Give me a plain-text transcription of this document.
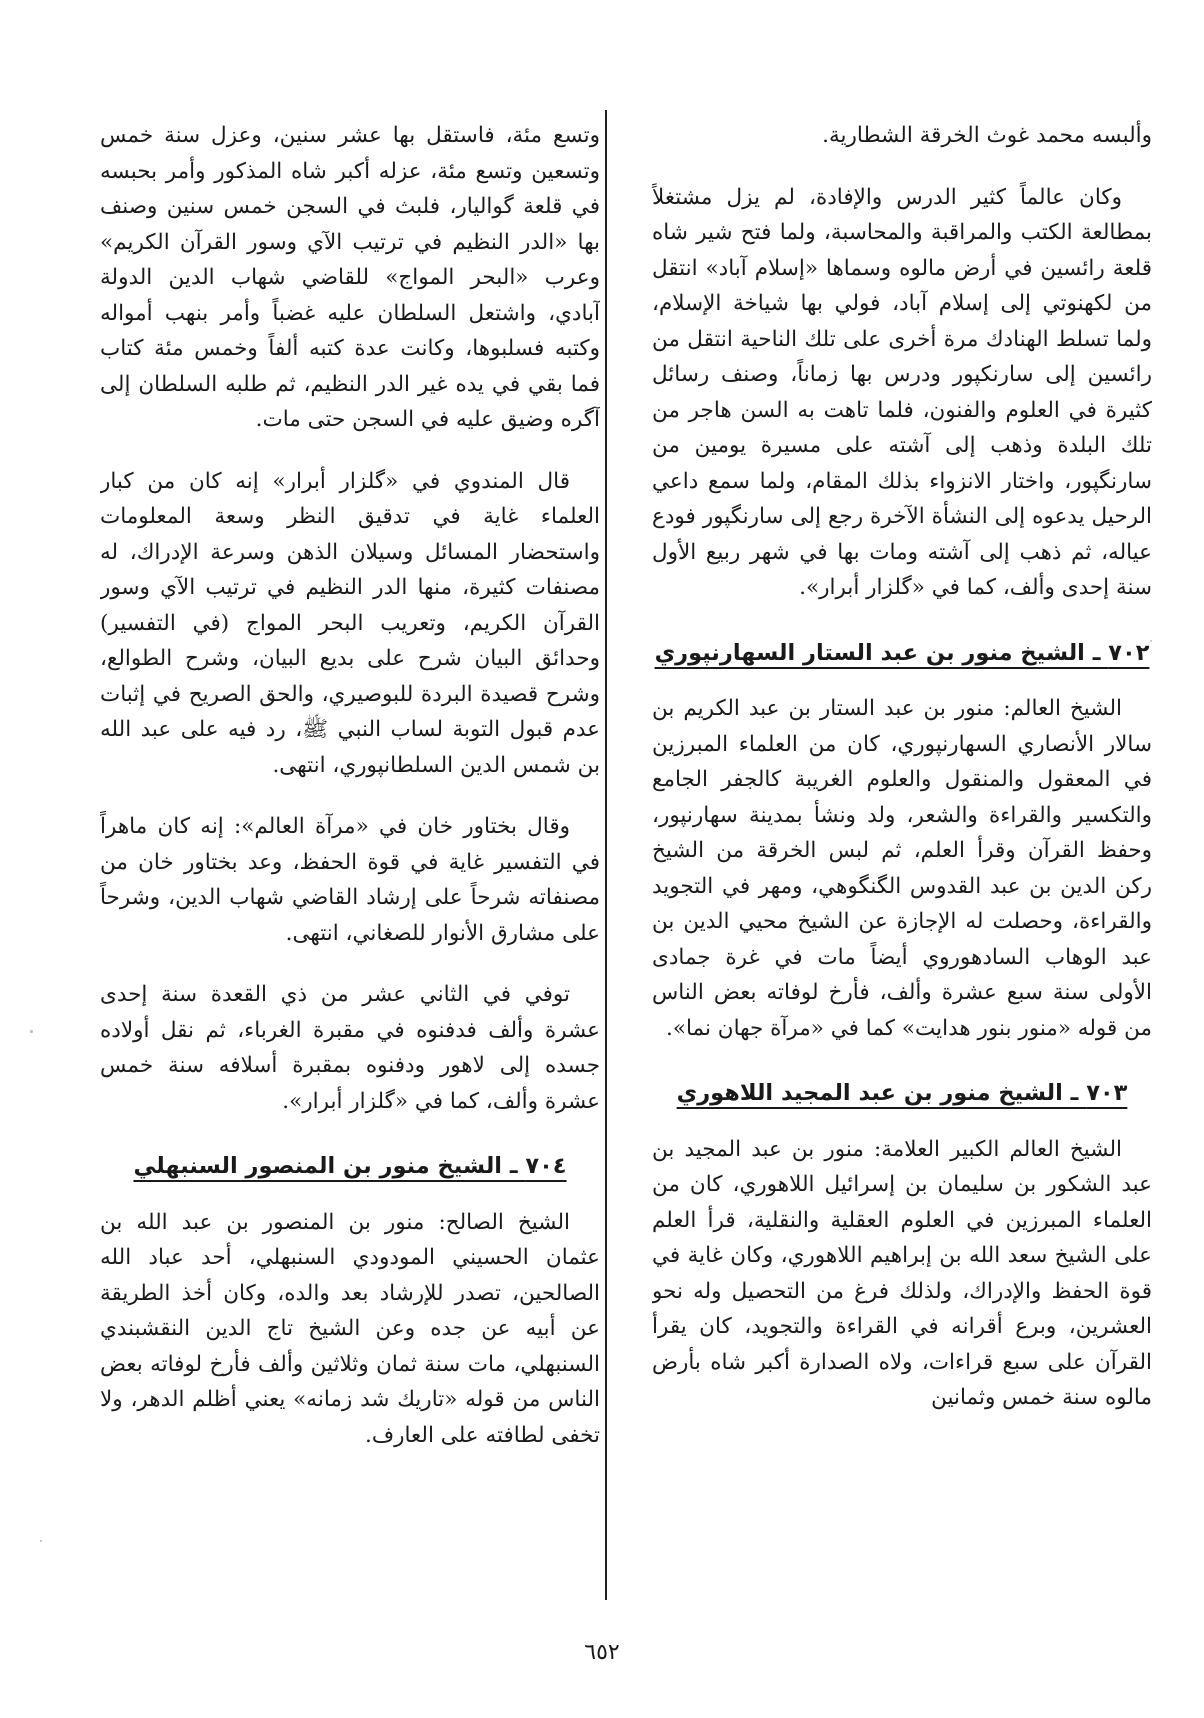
وألبسه محمد غوث الخرقة الشطارية.

وكان عالماً كثير الدرس والإفادة، لم يزل مشتغلاً بمطالعة الكتب والمراقبة والمحاسبة، ولما فتح شير شاه قلعة رائسين في أرض مالوه وسماها «إسلام آباد» انتقل من لكهنوتي إلى إسلام آباد، فولي بها شياخة الإسلام، ولما تسلط الهنادك مرة أخرى على تلك الناحية انتقل من رائسين إلى سارنكپور ودرس بها زماناً، وصنف رسائل كثيرة في العلوم والفنون، فلما تاهت به السن هاجر من تلك البلدة وذهب إلى آشته على مسيرة يومين من سارنگپور، واختار الانزواء بذلك المقام، ولما سمع داعي الرحيل يدعوه إلى النشأة الآخرة رجع إلى سارنگپور فودع عياله، ثم ذهب إلى آشته ومات بها في شهر ربيع الأول سنة إحدى وألف، كما في «گلزار أبرار».

٧٠٢ ـ الشيخ منور بن عبد الستار السهارنپوري

الشيخ العالم: منور بن عبد الستار بن عبد الكريم بن سالار الأنصاري السهارنپوري، كان من العلماء المبرزين في المعقول والمنقول والعلوم الغريبة كالجفر الجامع والتكسير والقراءة والشعر، ولد ونشأ بمدينة سهارنپور، وحفظ القرآن وقرأ العلم، ثم لبس الخرقة من الشيخ ركن الدين بن عبد القدوس الگنگوهي، ومهر في التجويد والقراءة، وحصلت له الإجازة عن الشيخ محيي الدين بن عبد الوهاب السادهوروي أيضاً مات في غرة جمادى الأولى سنة سبع عشرة وألف، فأرخ لوفاته بعض الناس من قوله «منور بنور هدايت» كما في «مرآة جهان نما».

٧٠٣ ـ الشيخ منور بن عبد المجيد اللاهوري

الشيخ العالم الكبير العلامة: منور بن عبد المجيد بن عبد الشكور بن سليمان بن إسرائيل اللاهوري، كان من العلماء المبرزين في العلوم العقلية والنقلية، قرأ العلم على الشيخ سعد الله بن إبراهيم اللاهوري، وكان غاية في قوة الحفظ والإدراك، ولذلك فرغ من التحصيل وله نحو العشرين، وبرع أقرانه في القراءة والتجويد، كان يقرأ القرآن على سبع قراءات، ولاه الصدارة أكبر شاه بأرض مالوه سنة خمس وثمانين

وتسع مئة، فاستقل بها عشر سنين، وعزل سنة خمس وتسعين وتسع مئة، عزله أكبر شاه المذكور وأمر بحبسه في قلعة گواليار، فلبث في السجن خمس سنين وصنف بها «الدر النظيم في ترتيب الآي وسور القرآن الكريم» وعرب «البحر المواج» للقاضي شهاب الدين الدولة آبادي، واشتعل السلطان عليه غضباً وأمر بنهب أمواله وكتبه فسلبوها، وكانت عدة كتبه ألفاً وخمس مئة كتاب فما بقي في يده غير الدر النظيم، ثم طلبه السلطان إلى آگره وضيق عليه في السجن حتى مات.

قال المندوي في «گلزار أبرار» إنه كان من كبار العلماء غاية في تدقيق النظر وسعة المعلومات واستحضار المسائل وسيلان الذهن وسرعة الإدراك، له مصنفات كثيرة، منها الدر النظيم في ترتيب الآي وسور القرآن الكريم، وتعريب البحر المواج (في التفسير) وحدائق البيان شرح على بديع البيان، وشرح الطوالع، وشرح قصيدة البردة للبوصيري، والحق الصريح في إثبات عدم قبول التوبة لساب النبي ﷺ، رد فيه على عبد الله بن شمس الدين السلطانپوري، انتهى.

وقال بختاور خان في «مرآة العالم»: إنه كان ماهراً في التفسير غاية في قوة الحفظ، وعد بختاور خان من مصنفاته شرحاً على إرشاد القاضي شهاب الدين، وشرحاً على مشارق الأنوار للصغاني، انتهى.

توفي في الثاني عشر من ذي القعدة سنة إحدى عشرة وألف فدفنوه في مقبرة الغرباء، ثم نقل أولاده جسده إلى لاهور ودفنوه بمقبرة أسلافه سنة خمس عشرة وألف، كما في «گلزار أبرار».

٧٠٤ ـ الشيخ منور بن المنصور السنبهلي

الشيخ الصالح: منور بن المنصور بن عبد الله بن عثمان الحسيني المودودي السنبهلي، أحد عباد الله الصالحين، تصدر للإرشاد بعد والده، وكان أخذ الطريقة عن أبيه عن جده وعن الشيخ تاج الدين النقشبندي السنبهلي، مات سنة ثمان وثلاثين وألف فأرخ لوفاته بعض الناس من قوله «تاريك شد زمانه» يعني أظلم الدهر، ولا تخفى لطافته على العارف.

٦٥٢
